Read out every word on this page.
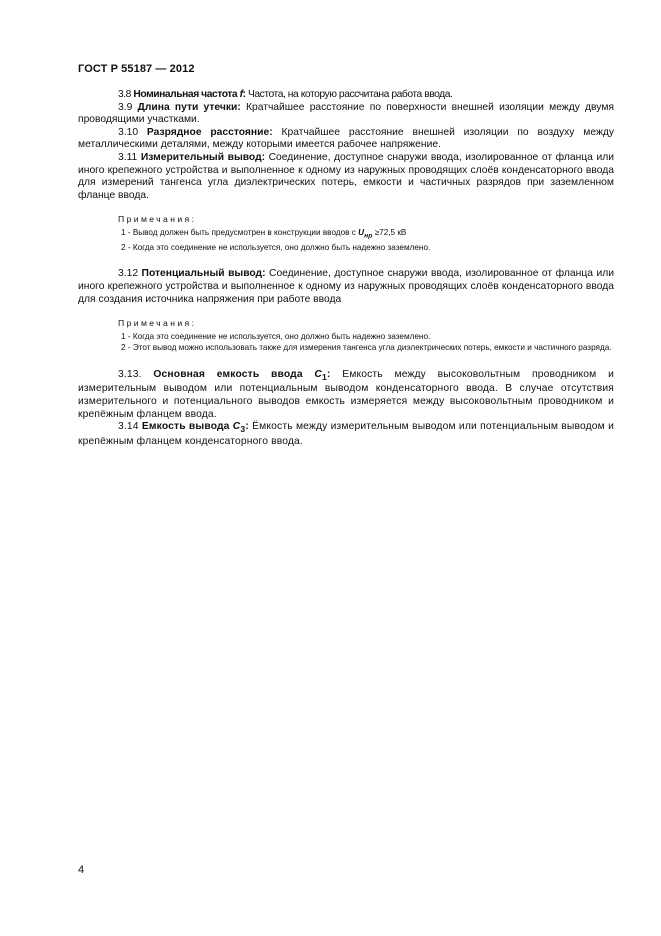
ГОСТ Р 55187 — 2012

3.8 Номинальная частота f: Частота, на которую рассчитана работа ввода.

3.9 Длина пути утечки: Кратчайшее расстояние по поверхности внешней изоляции между двумя проводящими участками.

3.10 Разрядное расстояние: Кратчайшее расстояние внешней изоляции по воздуху между металлическими деталями, между которыми имеется рабочее напряжение.

3.11 Измерительный вывод: Соединение, доступное снаружи ввода, изолированное от фланца или иного крепежного устройства и выполненное к одному из наружных проводящих слоёв конденсаторного ввода для измерений тангенса угла диэлектрических потерь, емкости и частичных разрядов при заземленном фланце ввода.

Примечания:

1 - Вывод должен быть предусмотрен в конструкции вводов с $U_{нр} \ge 72,5$ кВ

2 - Когда это соединение не используется, оно должно быть надежно заземлено.

3.12 Потенциальный вывод: Соединение, доступное снаружи ввода, изолированное от фланца или иного крепежного устройства и выполненное к одному из наружных проводящих слоёв конденсаторного ввода для создания источника напряжения при работе ввода

Примечания:

1 - Когда это соединение не используется, оно должно быть надежно заземлено.

2 - Этот вывод можно использовать также для измерения тангенса угла диэлектрических потерь, емкости и частичного разряда.

3.13. Основная емкость ввода $C_1$: Емкость между высоковольтным проводником и измерительным выводом или потенциальным выводом конденсаторного ввода. В случае отсутствия измерительного и потенциального выводов емкость измеряется между высоковольтным проводником и крепёжным фланцем ввода.

3.14 Емкость вывода $C_3$: Ёмкость между измерительным выводом или потенциальным выводом и крепёжным фланцем конденсаторного ввода.

4
